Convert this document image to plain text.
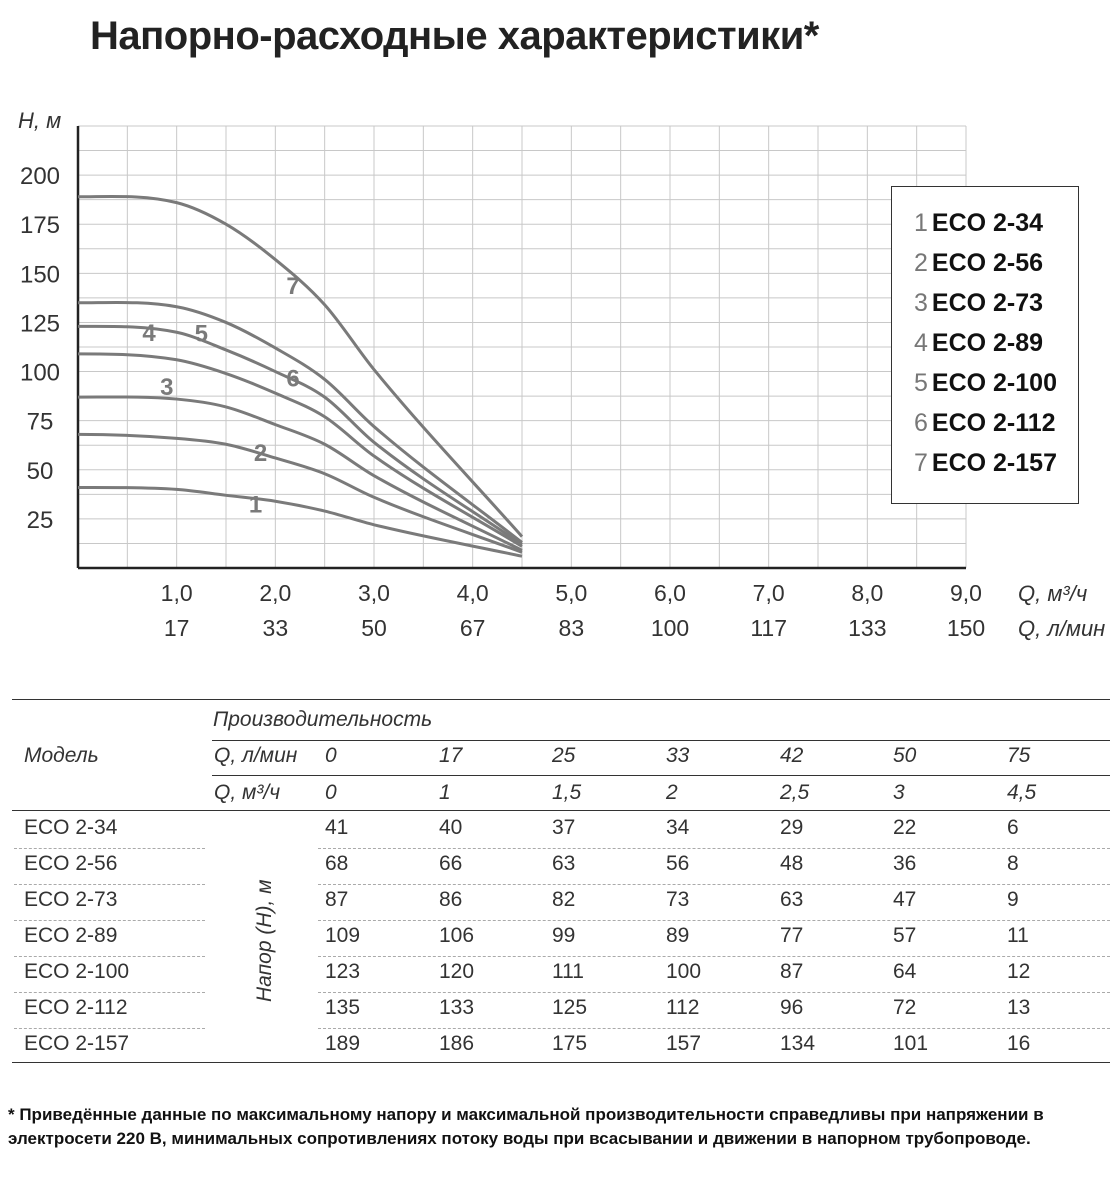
Напорно-расходные характеристики*
25
50
75
100
125
150
175
200
H, м
1,0
17
2,0
33
3,0
50
4,0
67
5,0
83
6,0
100
7,0
117
8,0
133
9,0
150
Q, м³/ч
Q, л/мин
1
2
3
4 5
6
7
1 ECO 2-34
2 ECO 2-56
3 ECO 2-73
4 ECO 2-89
5 ECO 2-100
6 ECO 2-112
7 ECO 2-157
Производительность
Модель	Q, л/мин 0	17	25	33	42	50	75
Q, м³/ч 0	1	1,5	2	2,5	3	4,5
ECO 2-34	41	40	37	34	29	22	6
ECO 2-56	68	66	63	56	48	36	8
ECO 2-73	87	86	82	73	63	47	9
ECO 2-89	109	106	99	89	77	57	11
ECO 2-100	123	120	111	100	87	64	12
ECO 2-112	135	133	125	112	96	72	13
ECO 2-157	189	186	175	157	134	101	16
Напор (H), м
* Приведённые данные по максимальному напору и максимальной производительности справедливы при напряжении в электросети 220 В, минимальных сопротивлениях потоку воды при всасывании и движении в напорном трубопроводе.
